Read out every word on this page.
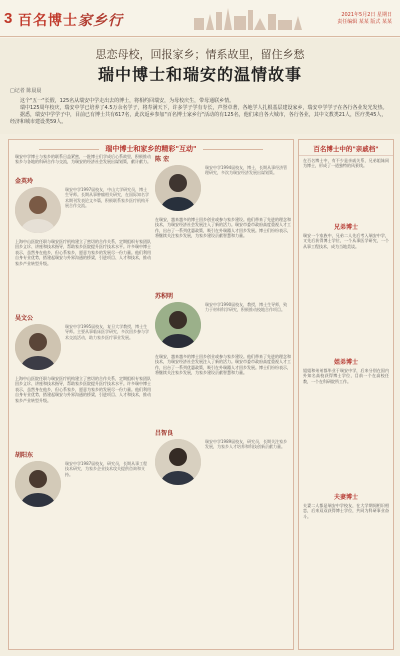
3 百名博士家乡行	2021年5月2日 星期日
责任编辑 某某 版式 某某
思恋母校，回报家乡；情系故里，留住乡愁
瑞中博士和瑞安的温情故事
□记者 陈晨晨

这个"五一"长假，125名从瑞安中学走出去的博士，将相约回瑞安，为母校庆生，带母通联乡情。

瑞中125周年校庆，瑞安中学已培养了4.5万余名学子，将寿满天下，许多学子学有专长，声誉卓著，各地学人扎根基层建设家乡，瑞安中学学子在各行各业发光发热。

据悉，瑞安中学学子中，目前已有博士共有617名，此次返乡参加"百名博士家乡行"活动的有125名，他们来自各大城市，各行各业，其中文教类21人，医疗类45人，经济和城市建设类59人。

瑞中博士和家乡的精彩"互动"
瑞安中学博士与家乡的联系日益紧密，一批博士们学成后心系故里，积极推动家乡与各地的科研合作与交流，为瑞安的经济社会发展出谋划策，献计献力。
金英玲
瑞安中学1997届校友，中山大学研究员，博士生导师。长期从事肿瘤相关研究，在国际知名学术期刊发表论文多篇，积极联系家乡医疗机构开展合作交流。
上海中山医院任职与瑞安医疗机构建立了密切的合作关系，定期组织专家团队回乡义诊、讲座和技术指导，帮助家乡医院提升医疗技术水平。许多瑞中博士表示，虽然身在他乡，但心系家乡，愿意为家乡的发展尽一份力量。他们利用自身专业优势，搭建起瑞安与外界沟通的桥梁，引进项目、人才和技术，推动家乡产业转型升级。
吴文公
瑞安中学1995届校友，复旦大学教授，博士生导师。主要从事临床医学研究，多次回乡参与学术交流活动，助力家乡医疗事业发展。
上海中山医院任职与瑞安医疗机构建立了密切的合作关系，定期组织专家团队回乡义诊、讲座和技术指导，帮助家乡医院提升医疗技术水平。许多瑞中博士表示，虽然身在他乡，但心系家乡，愿意为家乡的发展尽一份力量。他们利用自身专业优势，搭建起瑞安与外界沟通的桥梁，引进项目、人才和技术，推动家乡产业转型升级。
胡阳东
瑞安中学1987届校友，研究员，长期从事工程技术研究，为家乡企业技术攻关提供咨询和支持。
陈 宏
瑞安中学1994届校友，博士，长期从事经济管理研究，多次为瑞安经济发展出谋划策。
在瑞安，越来越多的博士回乡创业或参与家乡建设。他们带来了先进的理念和技术，为瑞安经济社会发展注入了新的活力。瑞安市委市政府高度重视人才工作，出台了一系列优惠政策，吸引在外瑞籍人才回乡发展。博士们纷纷表示，将继续关注家乡发展，为家乡建设贡献智慧和力量。
苏积明
瑞安中学1990届校友，教授，博士生导师，致力于材料科学研究，积极推动校地合作项目。
在瑞安，越来越多的博士回乡创业或参与家乡建设。他们带来了先进的理念和技术，为瑞安经济社会发展注入了新的活力。瑞安市委市政府高度重视人才工作，出台了一系列优惠政策，吸引在外瑞籍人才回乡发展。博士们纷纷表示，将继续关注家乡发展，为家乡建设贡献智慧和力量。
吕智良
瑞安中学1989届校友，研究员，长期关注家乡发展，为家乡人才培养和科技创新贡献力量。
百名博士中的"亲戚档"
在百名博士中，有不少是亲戚关系，兄弟姐妹同为博士，形成了一道独特的风景线。
兄弟博士
瑞安一个家族中，兄弟二人先后考入瑞安中学，又先后获得博士学位，一个从事医学研究，一个从事工程技术，成为当地美谈。
姐弟博士
姐姐和弟弟都毕业于瑞安中学，后来分别在国内外知名高校获得博士学位，目前一个在高校任教，一个在科研院所工作。
夫妻博士
夫妻二人都是瑞安中学校友，在大学期间相识相恋，后来双双获得博士学位，共同为科研事业奋斗。
